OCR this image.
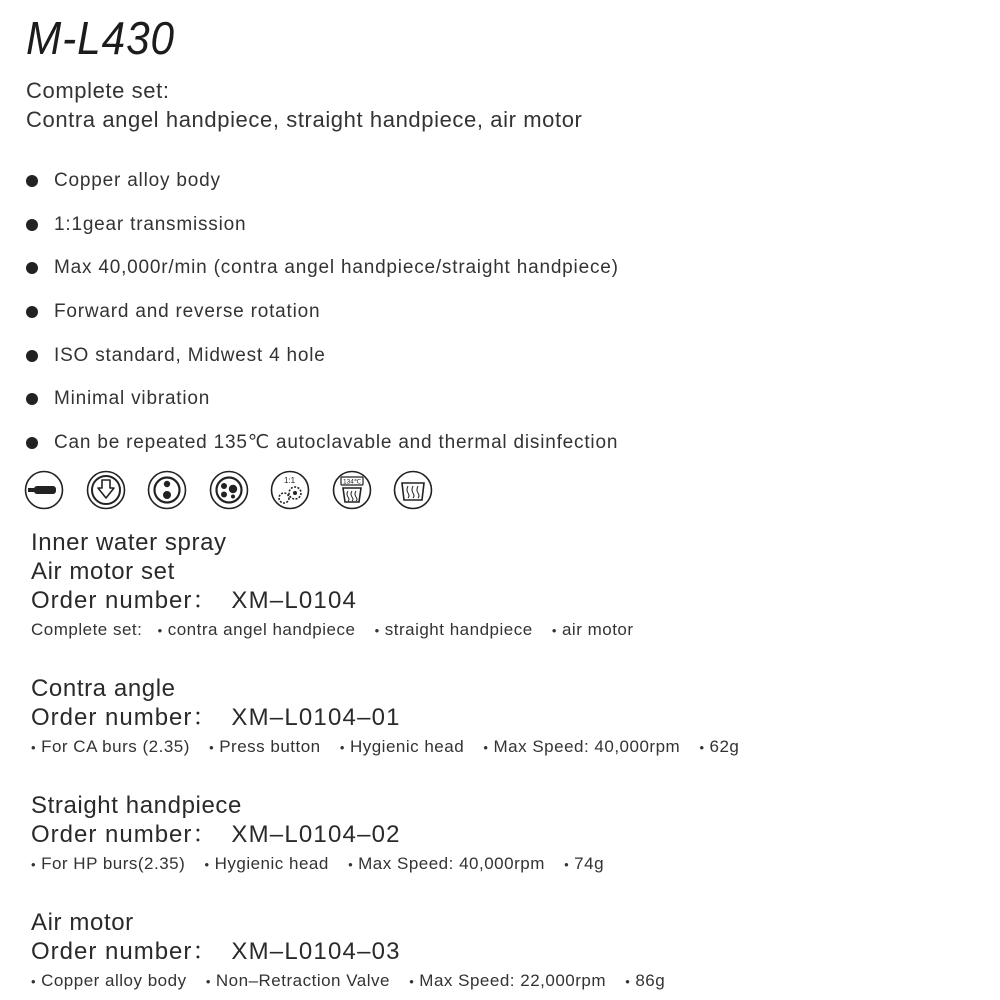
M-L430
Complete set:
Contra angel handpiece, straight handpiece, air motor
Copper alloy body
1:1gear transmission
Max 40,000r/min (contra angel handpiece/straight handpiece)
Forward and reverse rotation
ISO standard, Midwest 4 hole
Minimal vibration
Can be repeated 135℃ autoclavable and thermal disinfection
1:1	134℃
Inner water spray
Air motor set
Order number： XM–L0104
Complete set: • contra angel handpiece • straight handpiece • air motor
Contra angle
Order number： XM–L0104–01
• For CA burs (2.35) • Press button • Hygienic head • Max Speed: 40,000rpm • 62g
Straight handpiece
Order number： XM–L0104–02
• For HP burs(2.35) • Hygienic head • Max Speed: 40,000rpm • 74g
Air motor
Order number： XM–L0104–03
• Copper alloy body • Non–Retraction Valve • Max Speed: 22,000rpm • 86g
